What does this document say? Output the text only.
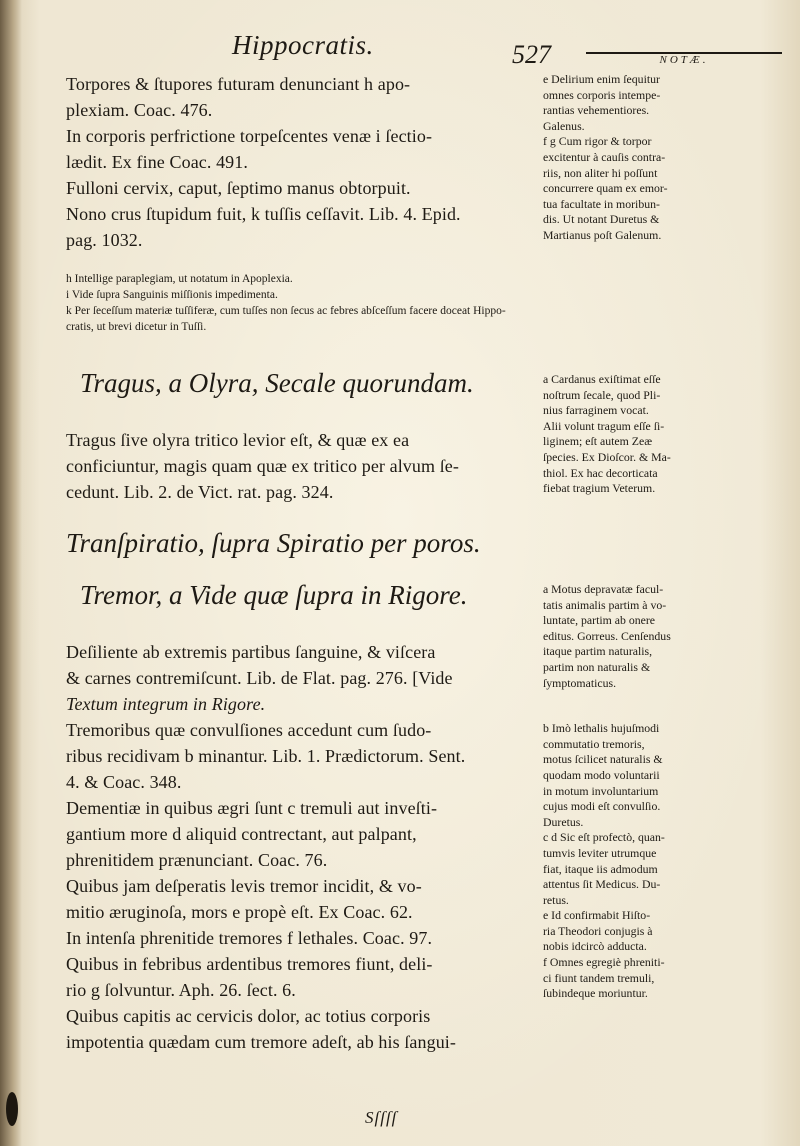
Hippocratis.	527	NOTÆ.
Torpores & ſtupores futuram denunciant h apo-
plexiam. Coac. 476.
In corporis perfrictione torpeſcentes venæ i ſectio-
lædit. Ex fine Coac. 491.
Fulloni cervix, caput, ſeptimo manus obtorpuit.
Nono crus ſtupidum fuit, k tuſſis ceſſavit. Lib. 4. Epid.
pag. 1032.
h Intellige paraplegiam, ut notatum in Apoplexia.
i Vide ſupra Sanguinis miſſionis impedimenta.
k Per ſeceſſum materiæ tuſſiferæ, cum tuſſes non ſecus ac febres abſceſſum facere doceat Hippo-
cratis, ut brevi dicetur in Tuſſi.
e Delirium enim ſequitur
omnes corporis intempe-
rantias vehementiores.
Galenus.
f g Cum rigor & torpor
excitentur à cauſis contra-
riis, non aliter hi poſſunt
concurrere quam ex emor-
tua facultate in moribun-
dis. Ut notant Duretus &
Martianus poſt Galenum.
Tragus, a Olyra, Secale quorundam.
Tragus ſive olyra tritico levior eſt, & quæ ex ea
conficiuntur, magis quam quæ ex tritico per alvum ſe-
cedunt. Lib. 2. de Vict. rat. pag. 324.
a Cardanus exiſtimat eſſe
noſtrum ſecale, quod Pli-
nius farraginem vocat.
Alii volunt tragum eſſe ſi-
liginem; eſt autem Zeæ
ſpecies. Ex Dioſcor. & Ma-
thiol. Ex hac decorticata
fiebat tragium Veterum.
Tranſpiratio, ſupra Spiratio per poros.
Tremor, a Vide quæ ſupra in Rigore.
Deſiliente ab extremis partibus ſanguine, & viſcera
& carnes contremiſcunt. Lib. de Flat. pag. 276. [Vide
Textum integrum in Rigore.
Tremoribus quæ convulſiones accedunt cum ſudo-
ribus recidivam b minantur. Lib. 1. Prædictorum. Sent.
4. & Coac. 348.
Dementiæ in quibus ægri ſunt c tremuli aut inveſti-
gantium more d aliquid contrectant, aut palpant,
phrenitidem prænunciant. Coac. 76.
Quibus jam deſperatis levis tremor incidit, & vo-
mitio æruginoſa, mors e propè eſt. Ex Coac. 62.
In intenſa phrenitide tremores f lethales. Coac. 97.
Quibus in febribus ardentibus tremores fiunt, deli-
rio g ſolvuntur. Aph. 26. ſect. 6.
Quibus capitis ac cervicis dolor, ac totius corporis
impotentia quædam cum tremore adeſt, ab his ſangui-
a Motus depravatæ facul-
tatis animalis partim à vo-
luntate, partim ab onere
editus. Gorreus. Cenſendus
itaque partim naturalis,
partim non naturalis &
ſymptomaticus.
b Imò lethalis hujuſmodi
commutatio tremoris,
motus ſcilicet naturalis &
quodam modo voluntarii
in motum involuntarium
cujus modi eſt convulſio.
Duretus.
c d Sic eſt profectò, quan-
tumvis leviter utrumque
fiat, itaque iis admodum
attentus ſit Medicus. Du-
retus.
e Id confirmabit Hiſto-
ria Theodori conjugis à
nobis idcircò adducta.
f Omnes egregiè phreniti-
ci fiunt tandem tremuli,
ſubindeque moriuntur.
Sſſſſ
